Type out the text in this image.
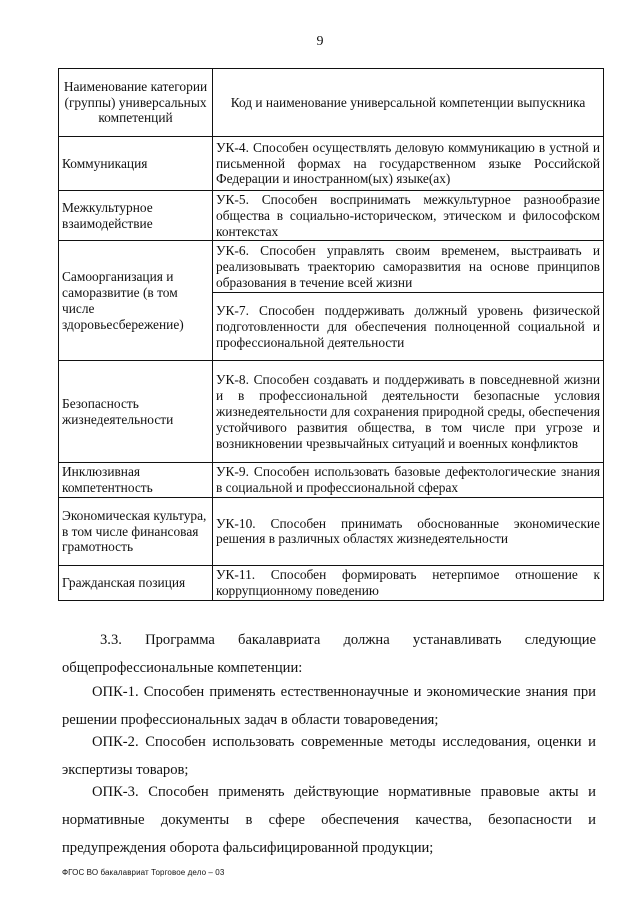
9
Наименование категории (группы) универсальных компетенций	Код и наименование универсальной компетенции выпускника
Коммуникация	УК-4. Способен осуществлять деловую коммуникацию в устной и письменной формах на государственном языке Российской Федерации и иностранном(ых) языке(ах)
Межкультурное взаимодействие	УК-5. Способен воспринимать межкультурное разнообразие общества в социально-историческом, этическом и философском контекстах
Самоорганизация и саморазвитие (в том числе здоровьесбережение)	УК-6. Способен управлять своим временем, выстраивать и реализовывать траекторию саморазвития на основе принципов образования в течение всей жизни
	УК-7. Способен поддерживать должный уровень физической подготовленности для обеспечения полноценной социальной и профессиональной деятельности
Безопасность жизнедеятельности	УК-8. Способен создавать и поддерживать в повседневной жизни и в профессиональной деятельности безопасные условия жизнедеятельности для сохранения природной среды, обеспечения устойчивого развития общества, в том числе при угрозе и возникновении чрезвычайных ситуаций и военных конфликтов
Инклюзивная компетентность	УК-9. Способен использовать базовые дефектологические знания в социальной и профессиональной сферах
Экономическая культура, в том числе финансовая грамотность	УК-10. Способен принимать обоснованные экономические решения в различных областях жизнедеятельности
Гражданская позиция	УК-11. Способен формировать нетерпимое отношение к коррупционному поведению
3.3. Программа бакалавриата должна устанавливать следующие общепрофессиональные компетенции:
ОПК-1. Способен применять естественнонаучные и экономические знания при решении профессиональных задач в области товароведения;
ОПК-2. Способен использовать современные методы исследования, оценки и экспертизы товаров;
ОПК-3. Способен применять действующие нормативные правовые акты и нормативные документы в сфере обеспечения качества, безопасности и предупреждения оборота фальсифицированной продукции;
ФГОС ВО бакалавриат Торговое дело – 03
